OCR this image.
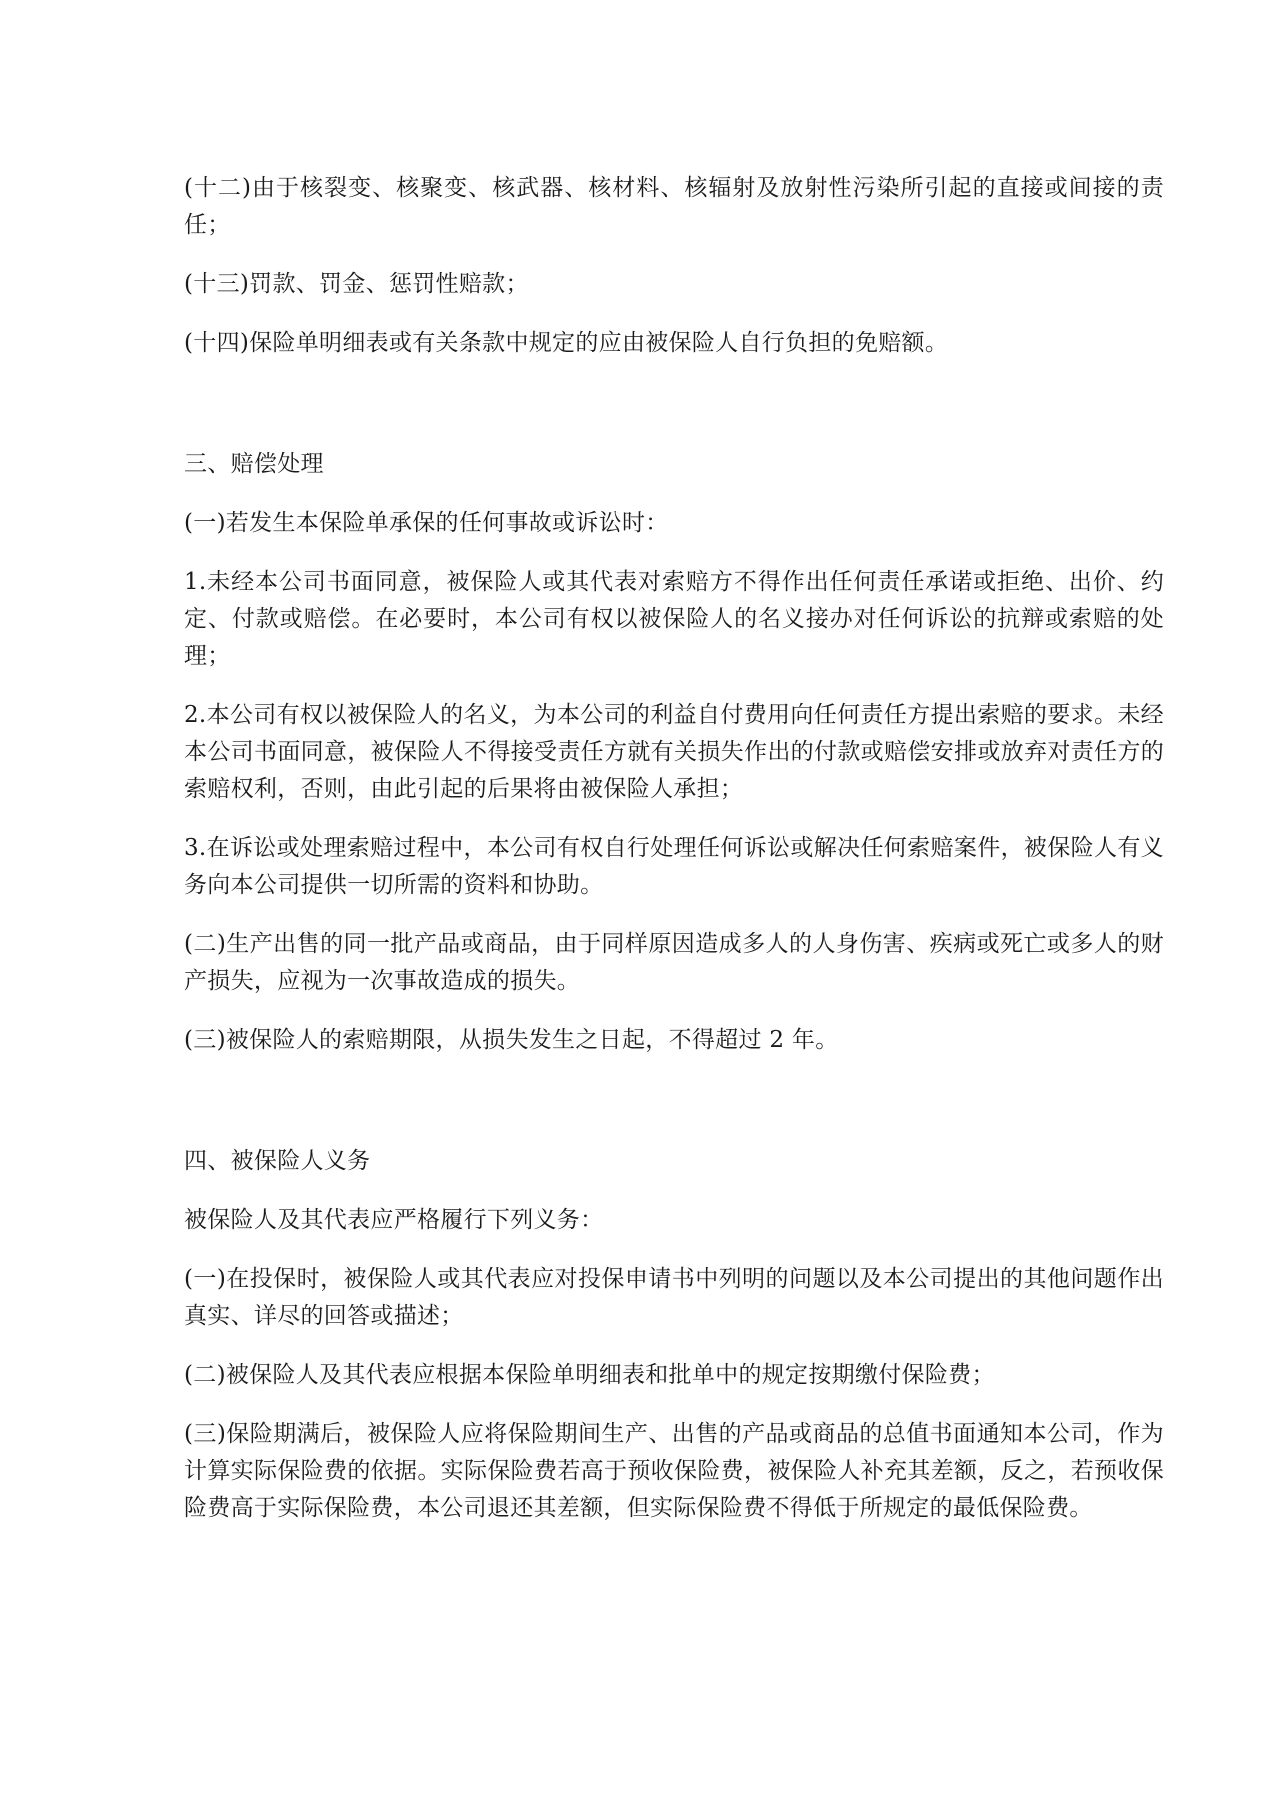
(十二)由于核裂变、核聚变、核武器、核材料、核辐射及放射性污染所引起的直接或间接的责任；

(十三)罚款、罚金、惩罚性赔款；

(十四)保险单明细表或有关条款中规定的应由被保险人自行负担的免赔额。

三、赔偿处理

(一)若发生本保险单承保的任何事故或诉讼时：

1.未经本公司书面同意，被保险人或其代表对索赔方不得作出任何责任承诺或拒绝、出价、约定、付款或赔偿。在必要时，本公司有权以被保险人的名义接办对任何诉讼的抗辩或索赔的处理；

2.本公司有权以被保险人的名义，为本公司的利益自付费用向任何责任方提出索赔的要求。未经本公司书面同意，被保险人不得接受责任方就有关损失作出的付款或赔偿安排或放弃对责任方的索赔权利，否则，由此引起的后果将由被保险人承担；

3.在诉讼或处理索赔过程中，本公司有权自行处理任何诉讼或解决任何索赔案件，被保险人有义务向本公司提供一切所需的资料和协助。

(二)生产出售的同一批产品或商品，由于同样原因造成多人的人身伤害、疾病或死亡或多人的财产损失，应视为一次事故造成的损失。

(三)被保险人的索赔期限，从损失发生之日起，不得超过 2 年。

四、被保险人义务

被保险人及其代表应严格履行下列义务：

(一)在投保时，被保险人或其代表应对投保申请书中列明的问题以及本公司提出的其他问题作出真实、详尽的回答或描述；

(二)被保险人及其代表应根据本保险单明细表和批单中的规定按期缴付保险费；

(三)保险期满后，被保险人应将保险期间生产、出售的产品或商品的总值书面通知本公司，作为计算实际保险费的依据。实际保险费若高于预收保险费，被保险人补充其差额，反之，若预收保险费高于实际保险费，本公司退还其差额，但实际保险费不得低于所规定的最低保险费。
